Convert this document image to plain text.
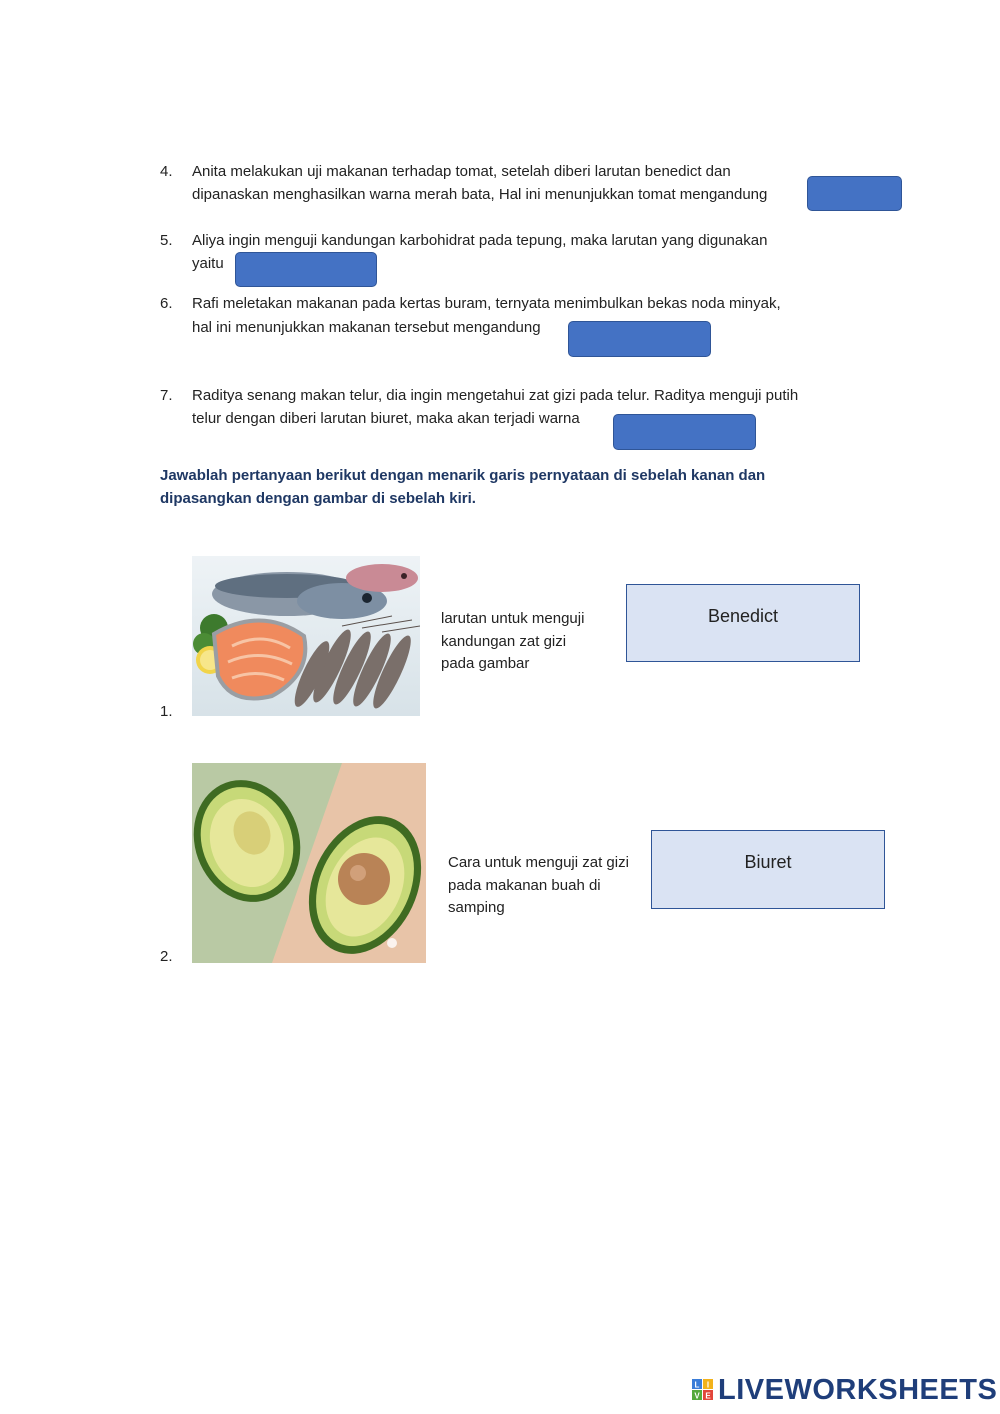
4.	Anita melakukan uji makanan terhadap tomat, setelah diberi larutan benedict dan
dipanaskan menghasilkan warna merah bata, Hal ini menunjukkan tomat mengandung
5.	Aliya ingin menguji kandungan karbohidrat pada tepung, maka larutan yang digunakan
yaitu
6.	Rafi meletakan makanan pada kertas buram, ternyata menimbulkan bekas noda minyak,
hal ini menunjukkan makanan tersebut mengandung
7.	Raditya senang makan telur, dia ingin mengetahui zat gizi pada telur. Raditya menguji putih
telur dengan diberi larutan biuret, maka akan terjadi warna
Jawablah pertanyaan berikut dengan menarik garis pernyataan di sebelah kanan dan
dipasangkan dengan gambar di sebelah kiri.
1.
larutan untuk menguji
kandungan zat gizi
pada gambar
Benedict
2.
Cara untuk menguji zat gizi
pada makanan buah di
samping
Biuret
L I
V E LIVEWORKSHEETS
